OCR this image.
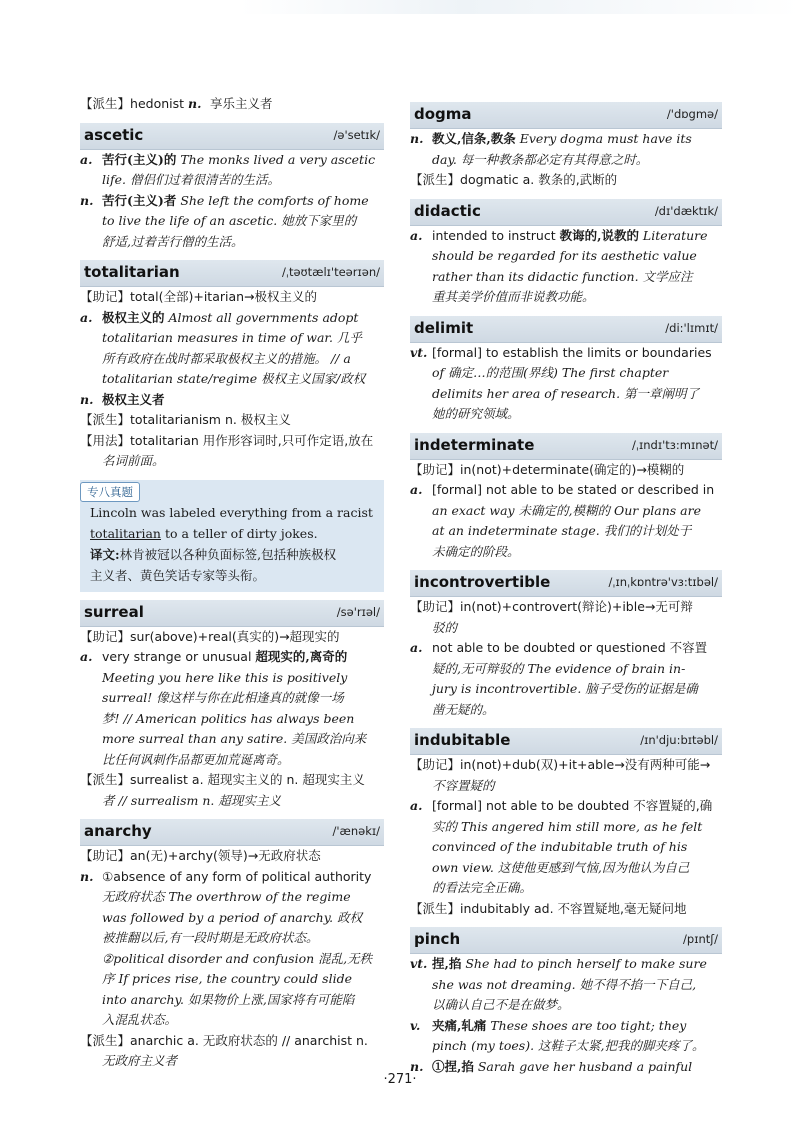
【派生】hedonist n. 享乐主义者

ascetic	/ə'setɪk/

a. 苦行(主义)的 The monks lived a very ascetic

life. 僧侣们过着很清苦的生活。

n. 苦行(主义)者 She left the comforts of home

to live the life of an ascetic. 她放下家里的

舒适,过着苦行僧的生活。

totalitarian	/ˌtəʊtælɪ'teərɪən/

【助记】total(全部)+itarian→极权主义的

a. 极权主义的 Almost all governments adopt

totalitarian measures in time of war. 几乎

所有政府在战时都采取极权主义的措施。 // a

totalitarian state/regime 极权主义国家/政权

n. 极权主义者

【派生】totalitarianism n. 极权主义

【用法】totalitarian 用作形容词时,只可作定语,放在

名词前面。

专八真题
Lincoln was labeled everything from a racist
totalitarian to a teller of dirty jokes.
译文:林肯被冠以各种负面标签,包括种族极权
主义者、黄色笑话专家等头衔。
surreal	/sə'rɪəl/

【助记】sur(above)+real(真实的)→超现实的

a. very strange or unusual 超现实的,离奇的

Meeting you here like this is positively

surreal! 像这样与你在此相逢真的就像一场

梦! // American politics has always been

more surreal than any satire. 美国政治向来

比任何讽刺作品都更加荒诞离奇。

【派生】surrealist a. 超现实主义的 n. 超现实主义

者 // surrealism n. 超现实主义

anarchy	/'ænəkɪ/

【助记】an(无)+archy(领导)→无政府状态

n. ①absence of any form of political authority

无政府状态 The overthrow of the regime

was followed by a period of anarchy. 政权

被推翻以后,有一段时期是无政府状态。

②political disorder and confusion 混乱,无秩

序 If prices rise, the country could slide

into anarchy. 如果物价上涨,国家将有可能陷

入混乱状态。

【派生】anarchic a. 无政府状态的 // anarchist n.

无政府主义者

dogma	/'dɒgmə/

n. 教义,信条,教条 Every dogma must have its

day. 每一种教条都必定有其得意之时。

【派生】dogmatic a. 教条的,武断的

didactic	/dɪ'dæktɪk/

a. intended to instruct 教诲的,说教的 Literature

should be regarded for its aesthetic value

rather than its didactic function. 文学应注

重其美学价值而非说教功能。

delimit	/di:'lɪmɪt/

vt. [formal] to establish the limits or boundaries

of 确定…的范围(界线) The first chapter

delimits her area of research. 第一章阐明了

她的研究领域。

indeterminate	/ˌɪndɪ'tɜ:mɪnət/

【助记】in(not)+determinate(确定的)→模糊的

a. [formal] not able to be stated or described in

an exact way 未确定的,模糊的 Our plans are

at an indeterminate stage. 我们的计划处于

未确定的阶段。

incontrovertible	/ˌɪnˌkɒntrə'vɜ:tɪbəl/

【助记】in(not)+controvert(辩论)+ible→无可辩

驳的

a. not able to be doubted or questioned 不容置

疑的,无可辩驳的 The evidence of brain in-

jury is incontrovertible. 脑子受伤的证据是确

凿无疑的。

indubitable	/ɪn'dju:bɪtəbl/

【助记】in(not)+dub(双)+it+able→没有两种可能→

不容置疑的

a. [formal] not able to be doubted 不容置疑的,确

实的 This angered him still more, as he felt

convinced of the indubitable truth of his

own view. 这使他更感到气恼,因为他认为自己

的看法完全正确。

【派生】indubitably ad. 不容置疑地,毫无疑问地

pinch	/pɪntʃ/

vt. 捏,掐 She had to pinch herself to make sure

she was not dreaming. 她不得不掐一下自己,

以确认自己不是在做梦。

v. 夹痛,轧痛 These shoes are too tight; they

pinch (my toes). 这鞋子太紧,把我的脚夹疼了。

n. ①捏,掐 Sarah gave her husband a painful

·271·
